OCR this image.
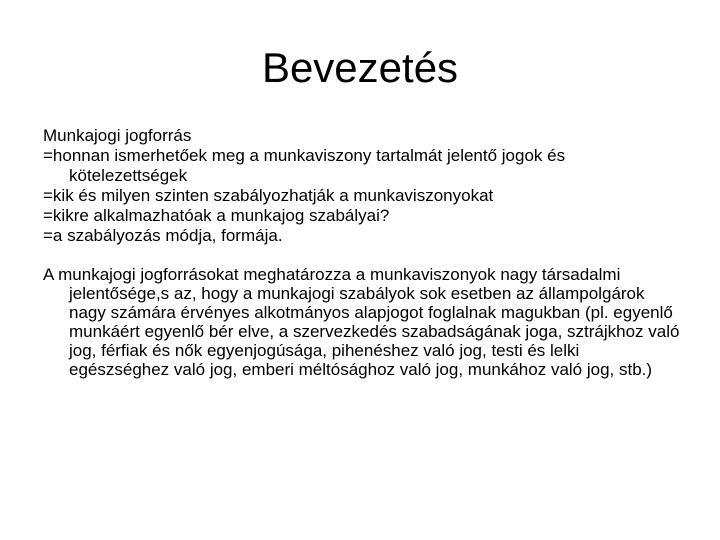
Bevezetés

Munkajogi jogforrás

=honnan ismerhetőek meg a munkaviszony tartalmát jelentő jogok és kötelezettségek

=kik és milyen szinten szabályozhatják a munkaviszonyokat

=kikre alkalmazhatóak a munkajog szabályai?

=a szabályozás módja, formája.

A munkajogi jogforrásokat meghatározza a munkaviszonyok nagy társadalmi jelentősége,s az, hogy a munkajogi szabályok sok esetben az állampolgárok nagy számára érvényes alkotmányos alapjogot foglalnak magukban (pl. egyenlő munkáért egyenlő bér elve, a szervezkedés szabadságának joga, sztrájkhoz való jog, férfiak és nők egyenjogúsága, pihenéshez való jog, testi és lelki egészséghez való jog, emberi méltósághoz való jog, munkához való jog, stb.)
